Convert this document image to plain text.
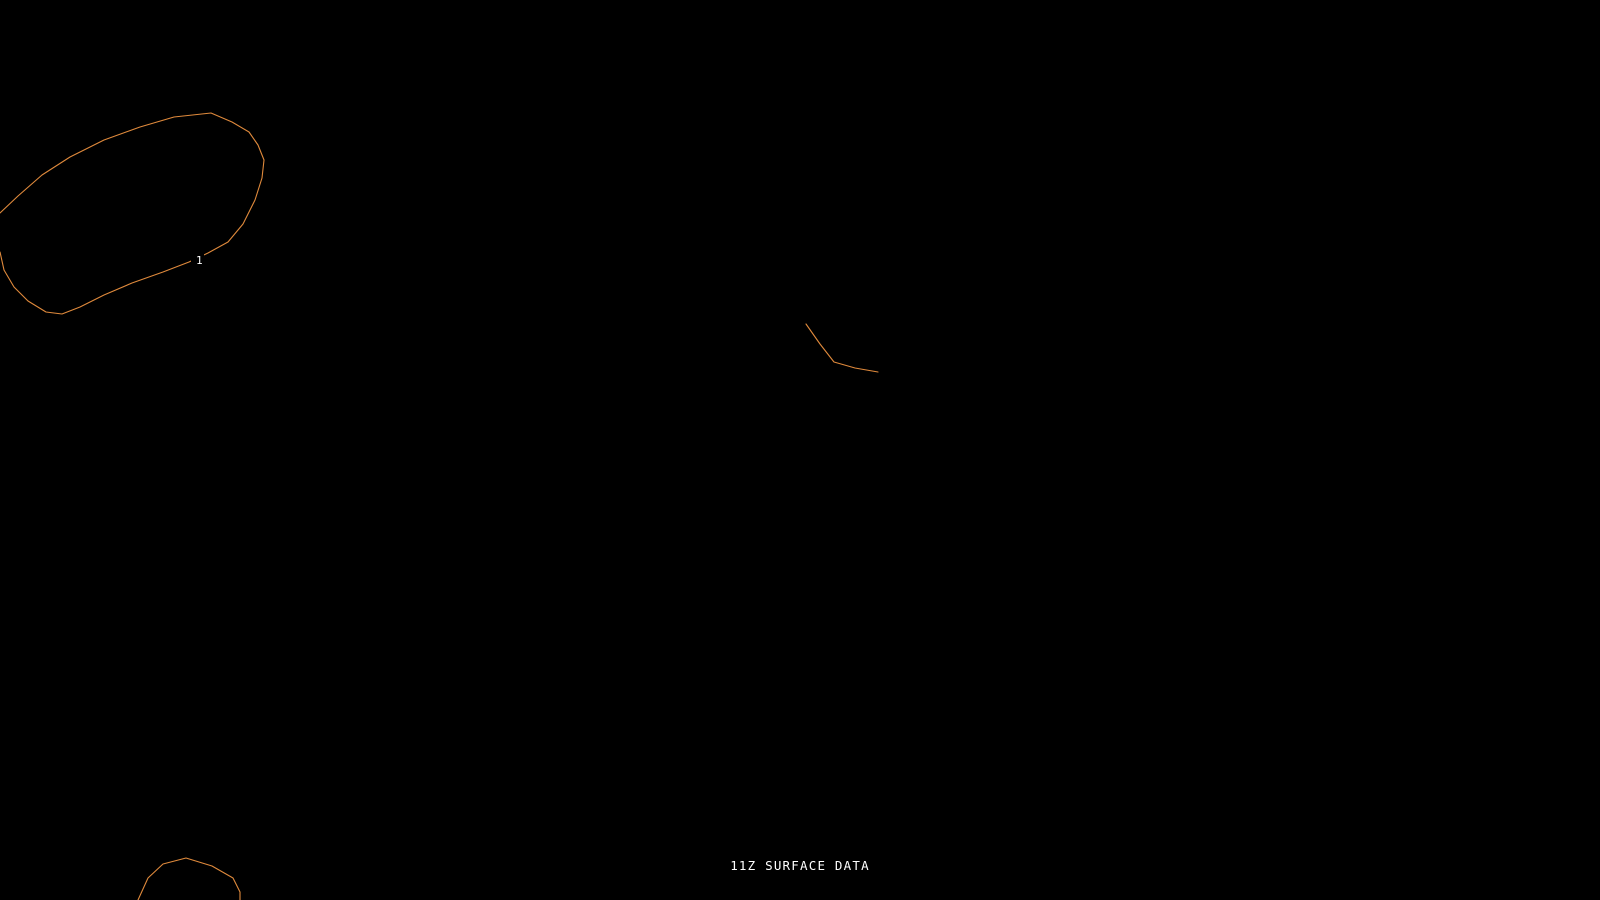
1
11Z SURFACE DATA
